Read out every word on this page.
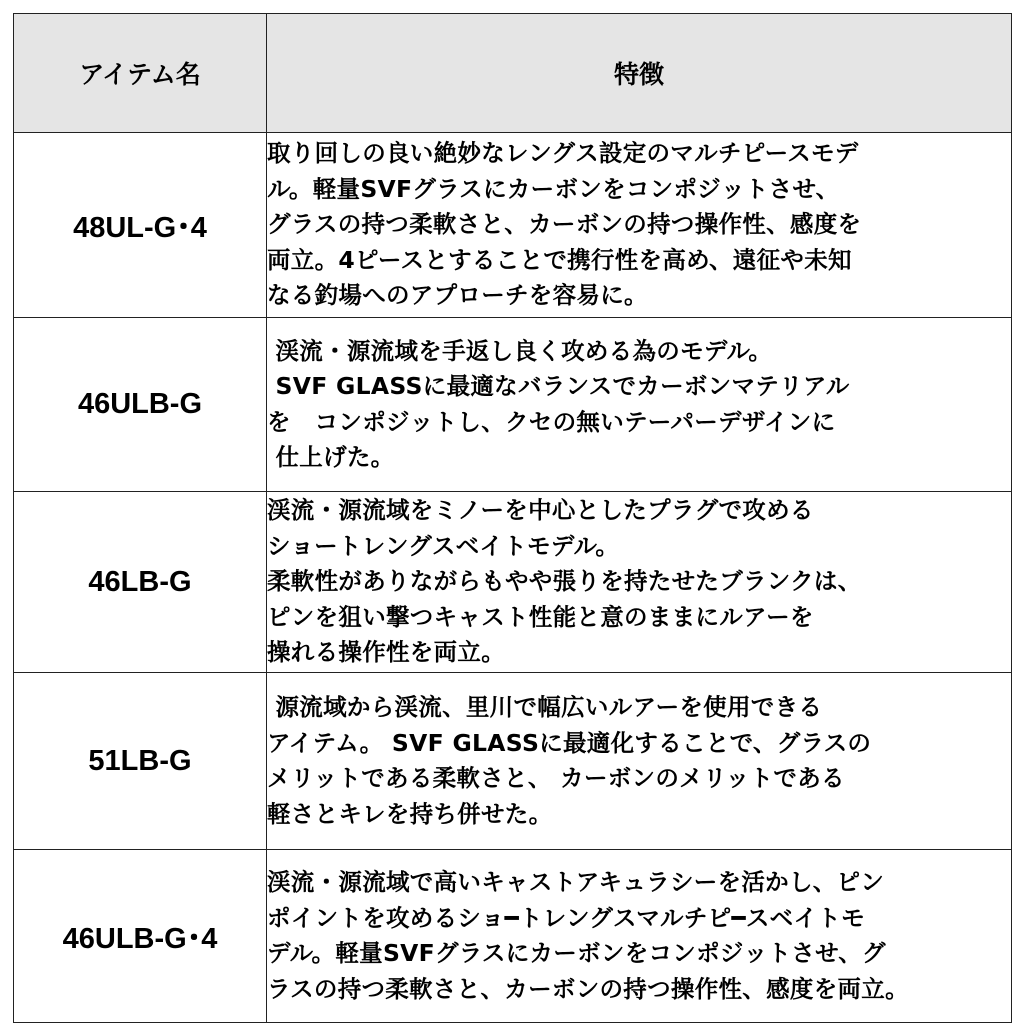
アイテム名	特徴
48UL-G･4	取り回しの良い絶妙なレングス設定のマルチピースモデ
ル。軽量SVFグラスにカーボンをコンポジットさせ、
グラスの持つ柔軟さと、カーボンの持つ操作性、感度を
両立。4ピースとすることで携行性を高め、遠征や未知
なる釣場へのアプローチを容易に。

46ULB-G	渓流・源流域を手返し良く攻める為のモデル。
SVF GLASSに最適なバランスでカーボンマテリアル
を　コンポジットし、クセの無いテーパーデザインに
仕上げた。

46LB-G	渓流・源流域をミノーを中心としたプラグで攻める
ショートレングスベイトモデル。
柔軟性がありながらもやや張りを持たせたブランクは、
ピンを狙い撃つキャスト性能と意のままにルアーを
操れる操作性を両立。

51LB-G	源流域から渓流、里川で幅広いルアーを使用できる
アイテム。 SVF GLASSに最適化することで、グラスの
メリットである柔軟さと、 カーボンのメリットである
軽さとキレを持ち併せた。

46ULB-G･4	渓流・源流域で高いキャストアキュラシーを活かし、ピン
ポイントを攻めるショ━トレングスマルチピ━スベイトモ
デル。軽量SVFグラスにカーボンをコンポジットさせ、グ
ラスの持つ柔軟さと、カーボンの持つ操作性、感度を両立。
